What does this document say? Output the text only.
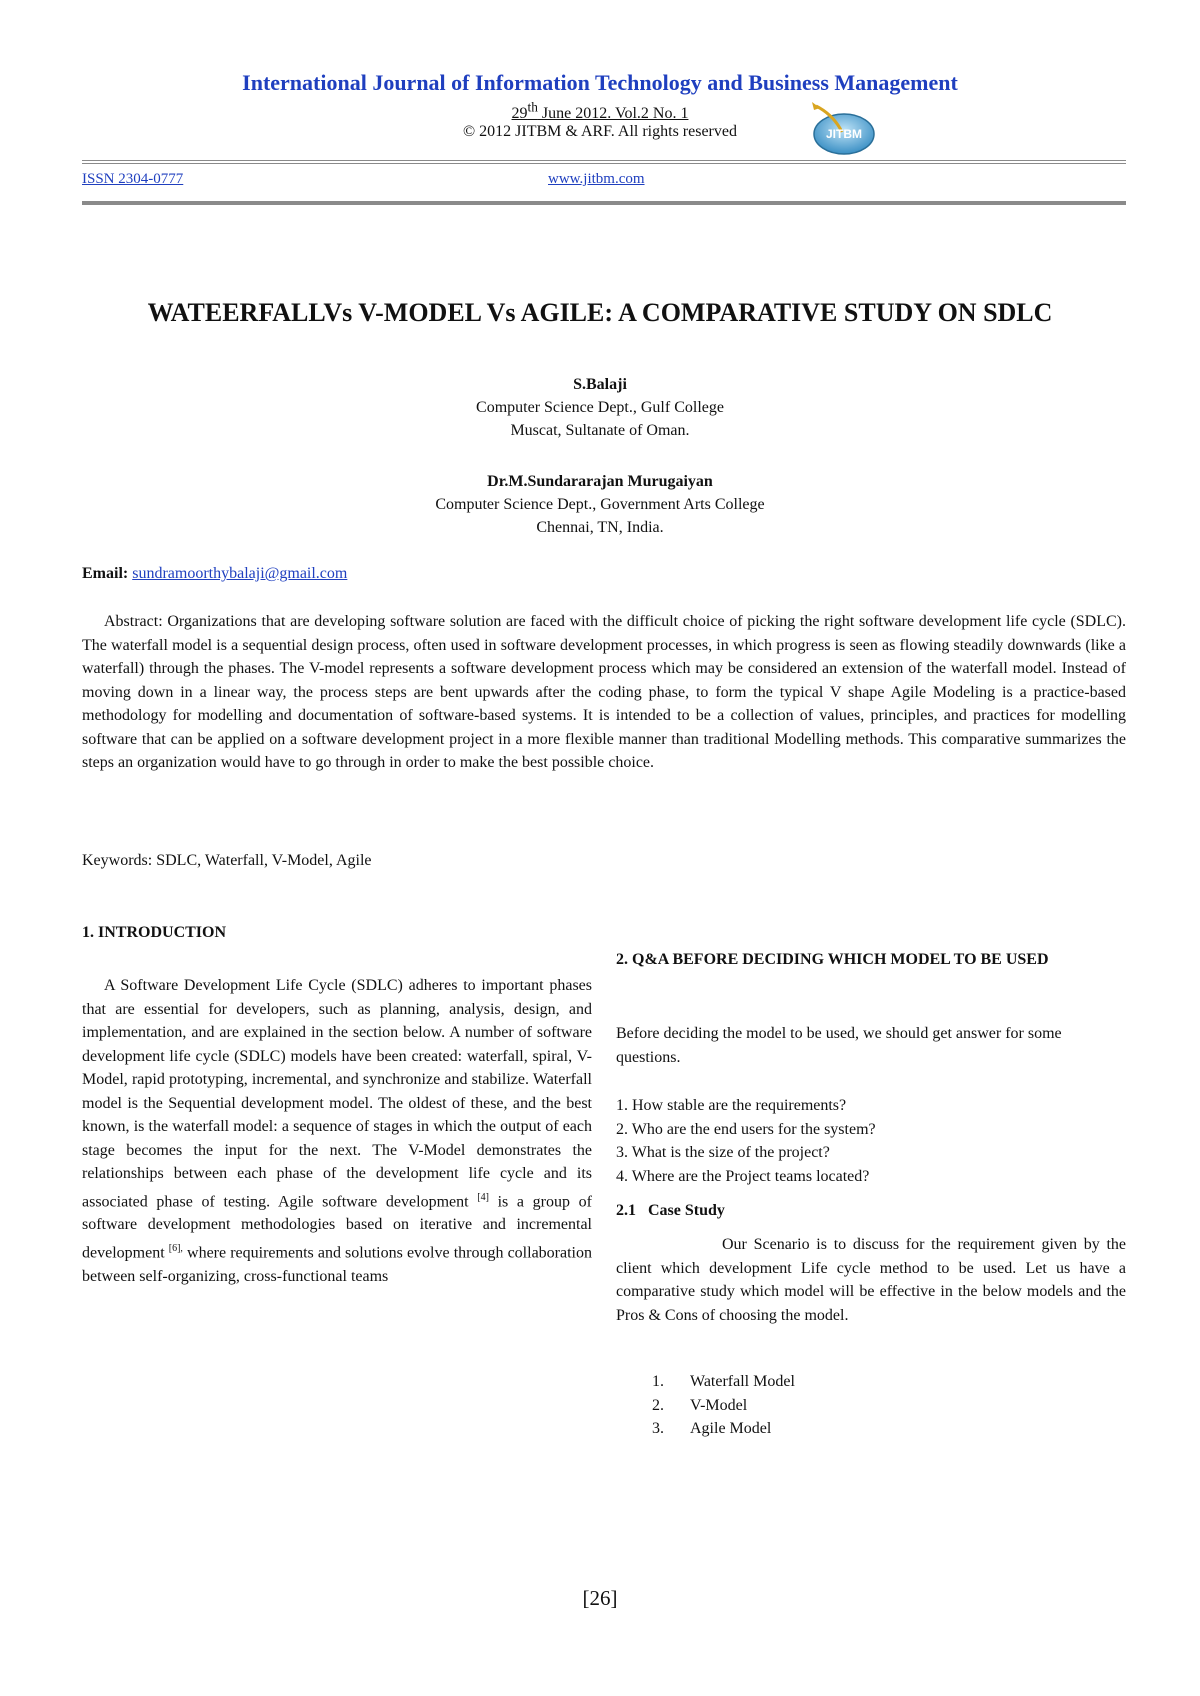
International Journal of Information Technology and Business Management
29th June 2012. Vol.2 No. 1
© 2012 JITBM & ARF. All rights reserved	JITBM
ISSN 2304-0777	www.jitbm.com
WATEERFALLVs V-MODEL Vs AGILE: A COMPARATIVE STUDY ON SDLC
S.Balaji
Computer Science Dept., Gulf College
Muscat, Sultanate of Oman.
Dr.M.Sundararajan Murugaiyan
Computer Science Dept., Government Arts College
Chennai, TN, India.
Email: sundramoorthybalaji@gmail.com

Abstract: Organizations that are developing software solution are faced with the difficult choice of picking the right software development life cycle (SDLC). The waterfall model is a sequential design process, often used in software development processes, in which progress is seen as flowing steadily downwards (like a waterfall) through the phases. The V-model represents a software development process which may be considered an extension of the waterfall model. Instead of moving down in a linear way, the process steps are bent upwards after the coding phase, to form the typical V shape Agile Modeling is a practice-based methodology for modelling and documentation of software-based systems. It is intended to be a collection of values, principles, and practices for modelling software that can be applied on a software development project in a more flexible manner than traditional Modelling methods. This comparative summarizes the steps an organization would have to go through in order to make the best possible choice.

Keywords: SDLC, Waterfall, V-Model, Agile
1. INTRODUCTION

A Software Development Life Cycle (SDLC) adheres to important phases that are essential for developers, such as planning, analysis, design, and implementation, and are explained in the section below. A number of software development life cycle (SDLC) models have been created: waterfall, spiral, V-Model, rapid prototyping, incremental, and synchronize and stabilize. Waterfall model is the Sequential development model. The oldest of these, and the best known, is the waterfall model: a sequence of stages in which the output of each stage becomes the input for the next. The V-Model demonstrates the relationships between each phase of the development life cycle and its associated phase of testing. Agile software development [4] is a group of software development methodologies based on iterative and incremental development $^{[6],}$ where requirements and solutions evolve through collaboration between self-organizing, cross-functional teams

2. Q&A BEFORE DECIDING WHICH MODEL TO BE USED

Before deciding the model to be used, we should get answer for some questions.

1. How stable are the requirements?
2. Who are the end users for the system?
3. What is the size of the project?
4. Where are the Project teams located?
2.1   Case Study

Our Scenario is to discuss for the requirement given by the client which development Life cycle method to be used. Let us have a comparative study which model will be effective in the below models and the Pros & Cons of choosing the model.

1. Waterfall Model
2. V-Model
3. Agile Model
[26]
